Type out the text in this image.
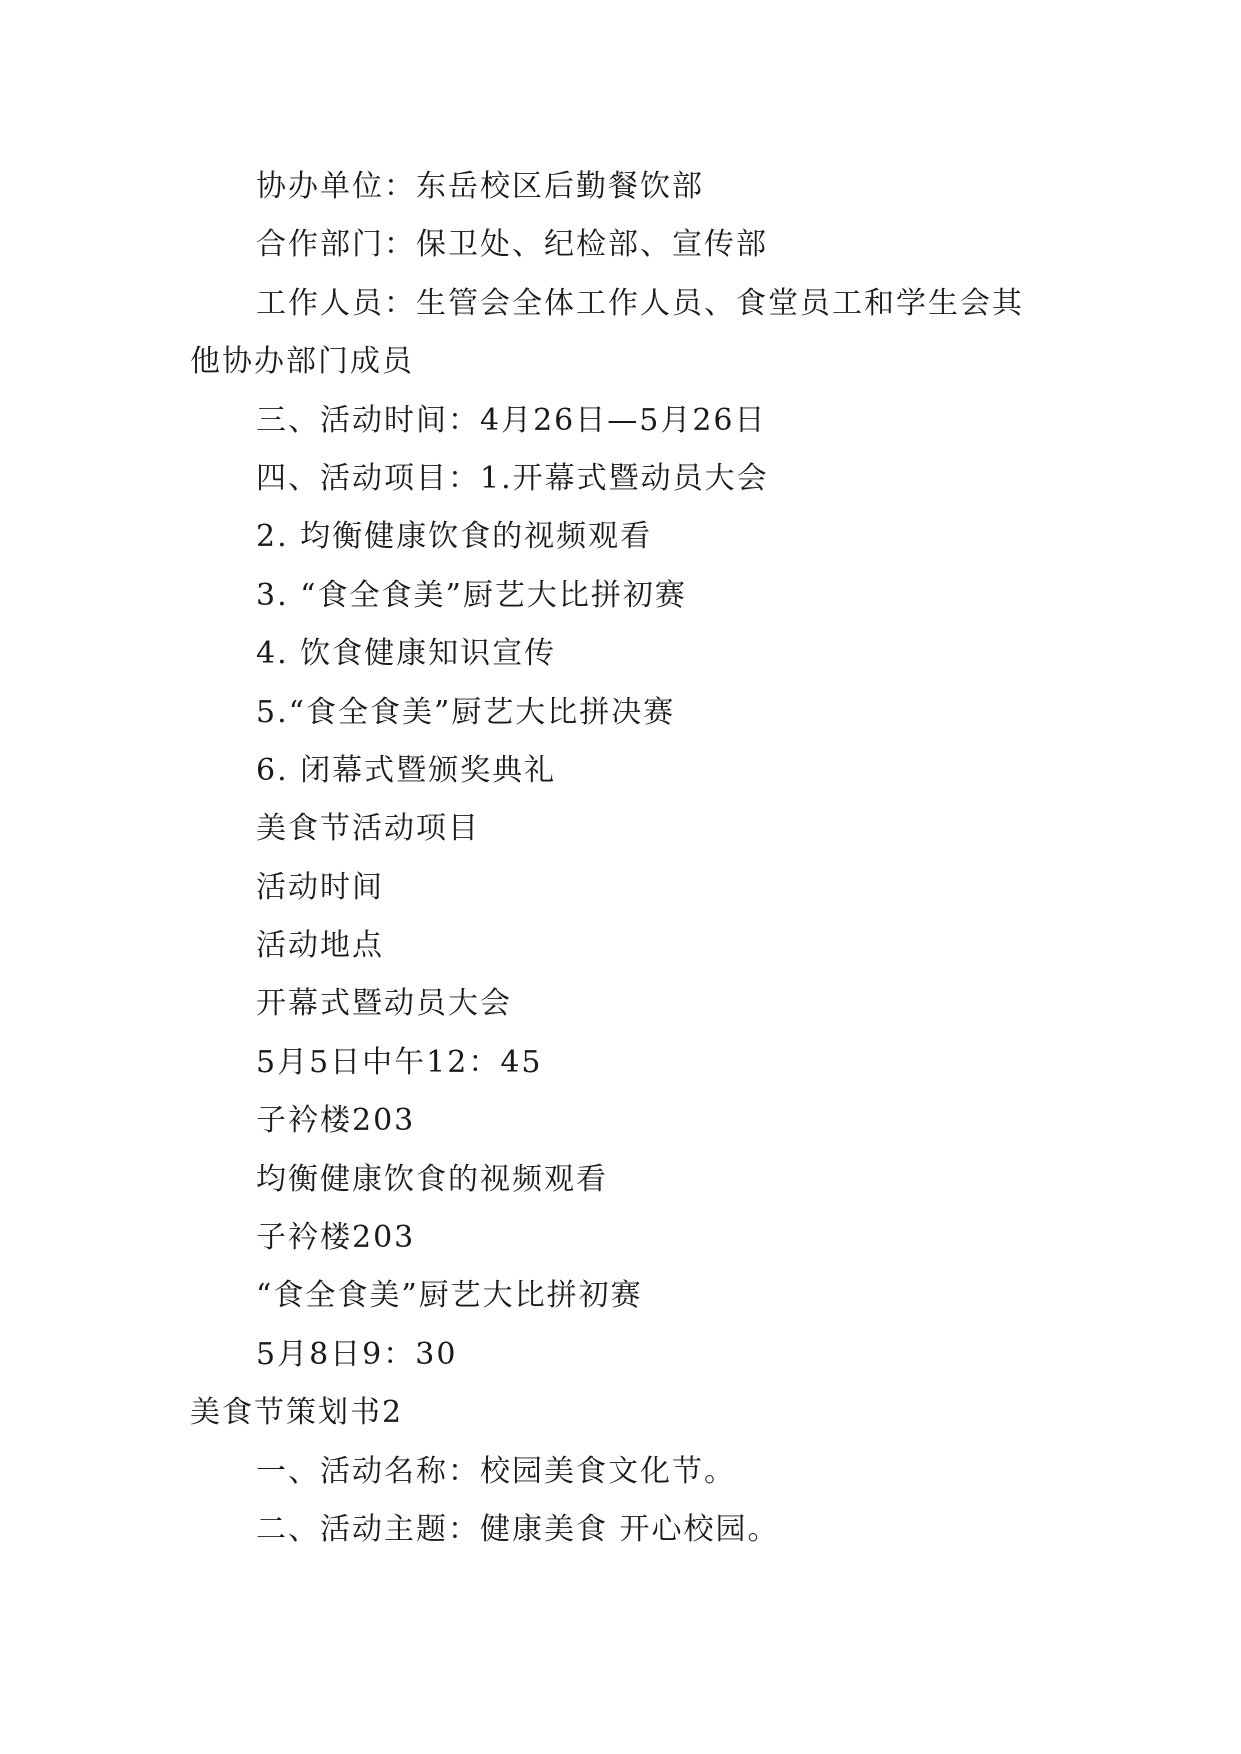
协办单位：东岳校区后勤餐饮部
合作部门：保卫处、纪检部、宣传部
工作人员：生管会全体工作人员、食堂员工和学生会其
他协办部门成员
三、活动时间：4月26日—5月26日
四、活动项目：1.开幕式暨动员大会
2. 均衡健康饮食的视频观看
3. “食全食美”厨艺大比拼初赛
4. 饮食健康知识宣传
5.“食全食美”厨艺大比拼决赛
6. 闭幕式暨颁奖典礼
美食节活动项目
活动时间
活动地点
开幕式暨动员大会
5月5日中午12：45
子衿楼203
均衡健康饮食的视频观看
子衿楼203
“食全食美”厨艺大比拼初赛
5月8日9：30
美食节策划书2
一、活动名称：校园美食文化节。
二、活动主题：健康美食 开心校园。
